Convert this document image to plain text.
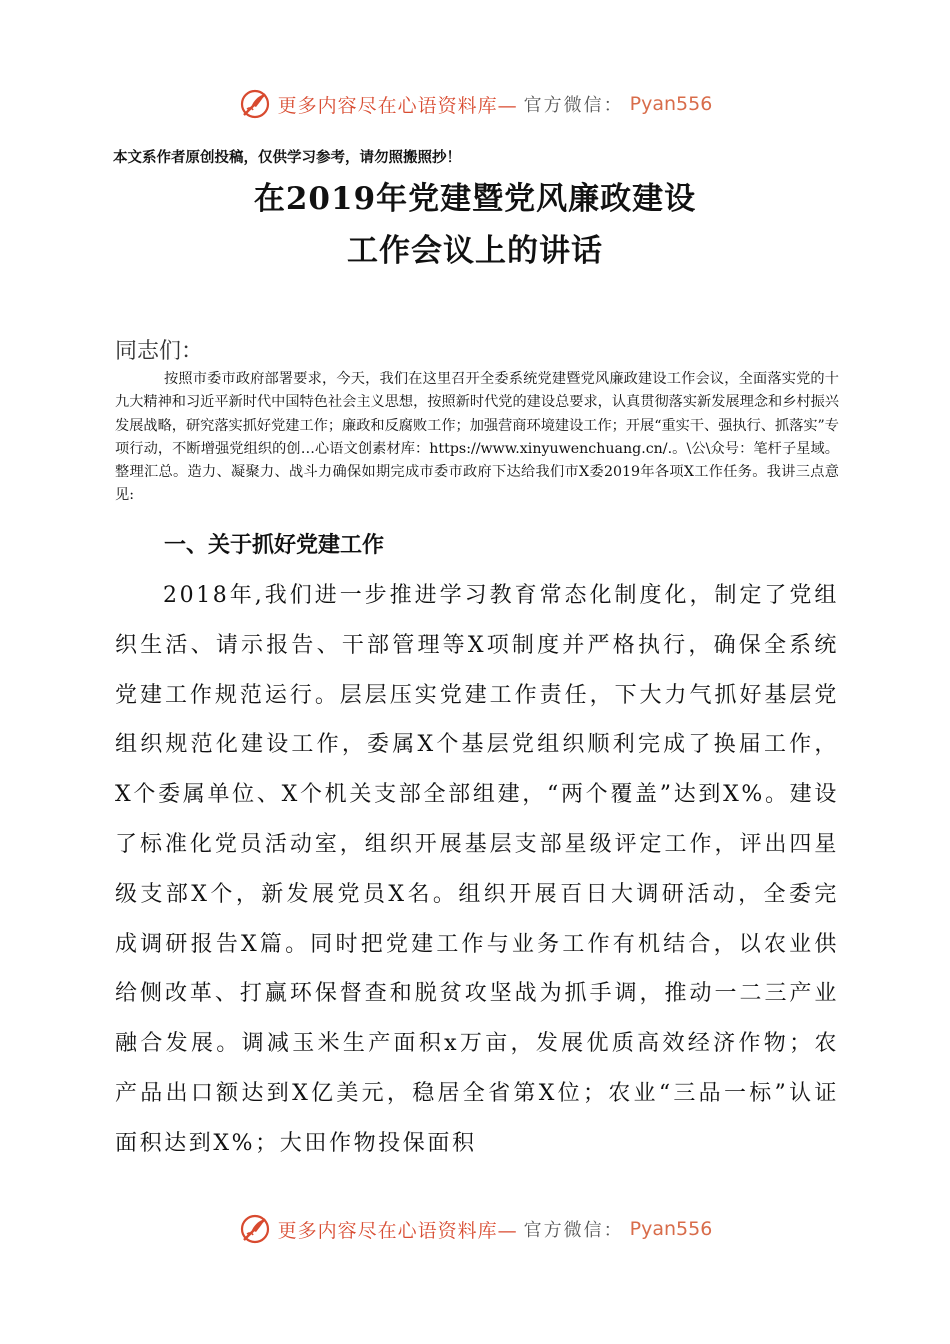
更多内容尽在心语资料库— 官方微信： Pyan556
本文系作者原创投稿，仅供学习参考，请勿照搬照抄！
在2019年党建暨党风廉政建设
工作会议上的讲话
同志们：
按照市委市政府部署要求，今天，我们在这里召开全委系统党建暨党风廉政建设工作会议，全面落实党的十九大精神和习近平新时代中国特色社会主义思想，按照新时代党的建设总要求，认真贯彻落实新发展理念和乡村振兴发展战略，研究落实抓好党建工作；廉政和反腐败工作；加强营商环境建设工作；开展“重实干、强执行、抓落实”专项行动，不断增强党组织的创…心语文创素材库：https://www.xinyuwenchuang.cn/.。\公\众号：笔杆子星域。整理汇总。造力、凝聚力、战斗力确保如期完成市委市政府下达给我们市X委2019年各项X工作任务。我讲三点意见:
一、关于抓好党建工作
2018年,我们进一步推进学习教育常态化制度化，制定了党组织生活、请示报告、干部管理等X项制度并严格执行，确保全系统党建工作规范运行。层层压实党建工作责任，下大力气抓好基层党组织规范化建设工作，委属X个基层党组织顺利完成了换届工作，X个委属单位、X个机关支部全部组建，“两个覆盖”达到X%。建设了标准化党员活动室，组织开展基层支部星级评定工作，评出四星级支部X个，新发展党员X名。组织开展百日大调研活动，全委完成调研报告X篇。同时把党建工作与业务工作有机结合，以农业供给侧改革、打赢环保督查和脱贫攻坚战为抓手调，推动一二三产业融合发展。调减玉米生产面积x万亩，发展优质高效经济作物；农产品出口额达到X亿美元，稳居全省第X位；农业“三品一标”认证面积达到X%；大田作物投保面积
更多内容尽在心语资料库— 官方微信： Pyan556
